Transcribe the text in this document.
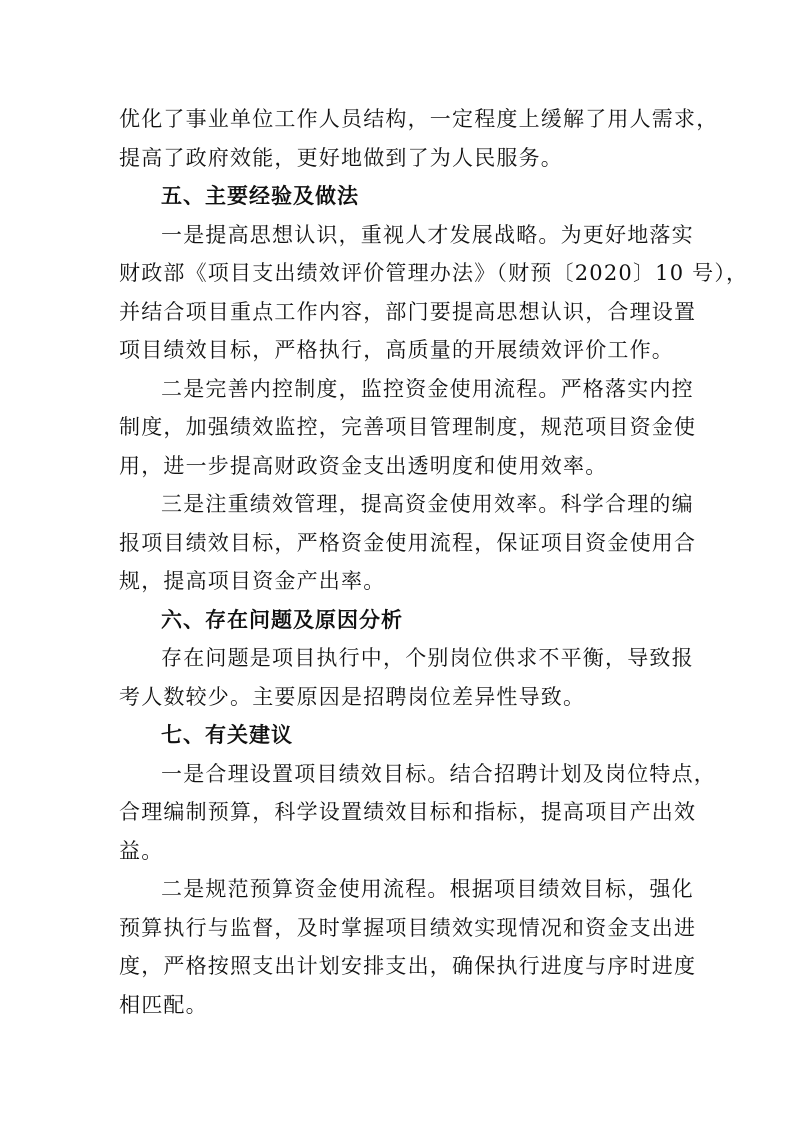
优化了事业单位工作人员结构，一定程度上缓解了用人需求，
提高了政府效能，更好地做到了为人民服务。
五、主要经验及做法
一是提高思想认识，重视人才发展战略。为更好地落实
财政部《项目支出绩效评价管理办法》（财预〔2020〕10 号），
并结合项目重点工作内容，部门要提高思想认识，合理设置
项目绩效目标，严格执行，高质量的开展绩效评价工作。
二是完善内控制度，监控资金使用流程。严格落实内控
制度，加强绩效监控，完善项目管理制度，规范项目资金使
用，进一步提高财政资金支出透明度和使用效率。
三是注重绩效管理，提高资金使用效率。科学合理的编
报项目绩效目标，严格资金使用流程，保证项目资金使用合
规，提高项目资金产出率。
六、存在问题及原因分析
存在问题是项目执行中，个别岗位供求不平衡，导致报
考人数较少。主要原因是招聘岗位差异性导致。
七、有关建议
一是合理设置项目绩效目标。结合招聘计划及岗位特点，
合理编制预算，科学设置绩效目标和指标，提高项目产出效
益。
二是规范预算资金使用流程。根据项目绩效目标，强化
预算执行与监督，及时掌握项目绩效实现情况和资金支出进
度，严格按照支出计划安排支出，确保执行进度与序时进度
相匹配。
